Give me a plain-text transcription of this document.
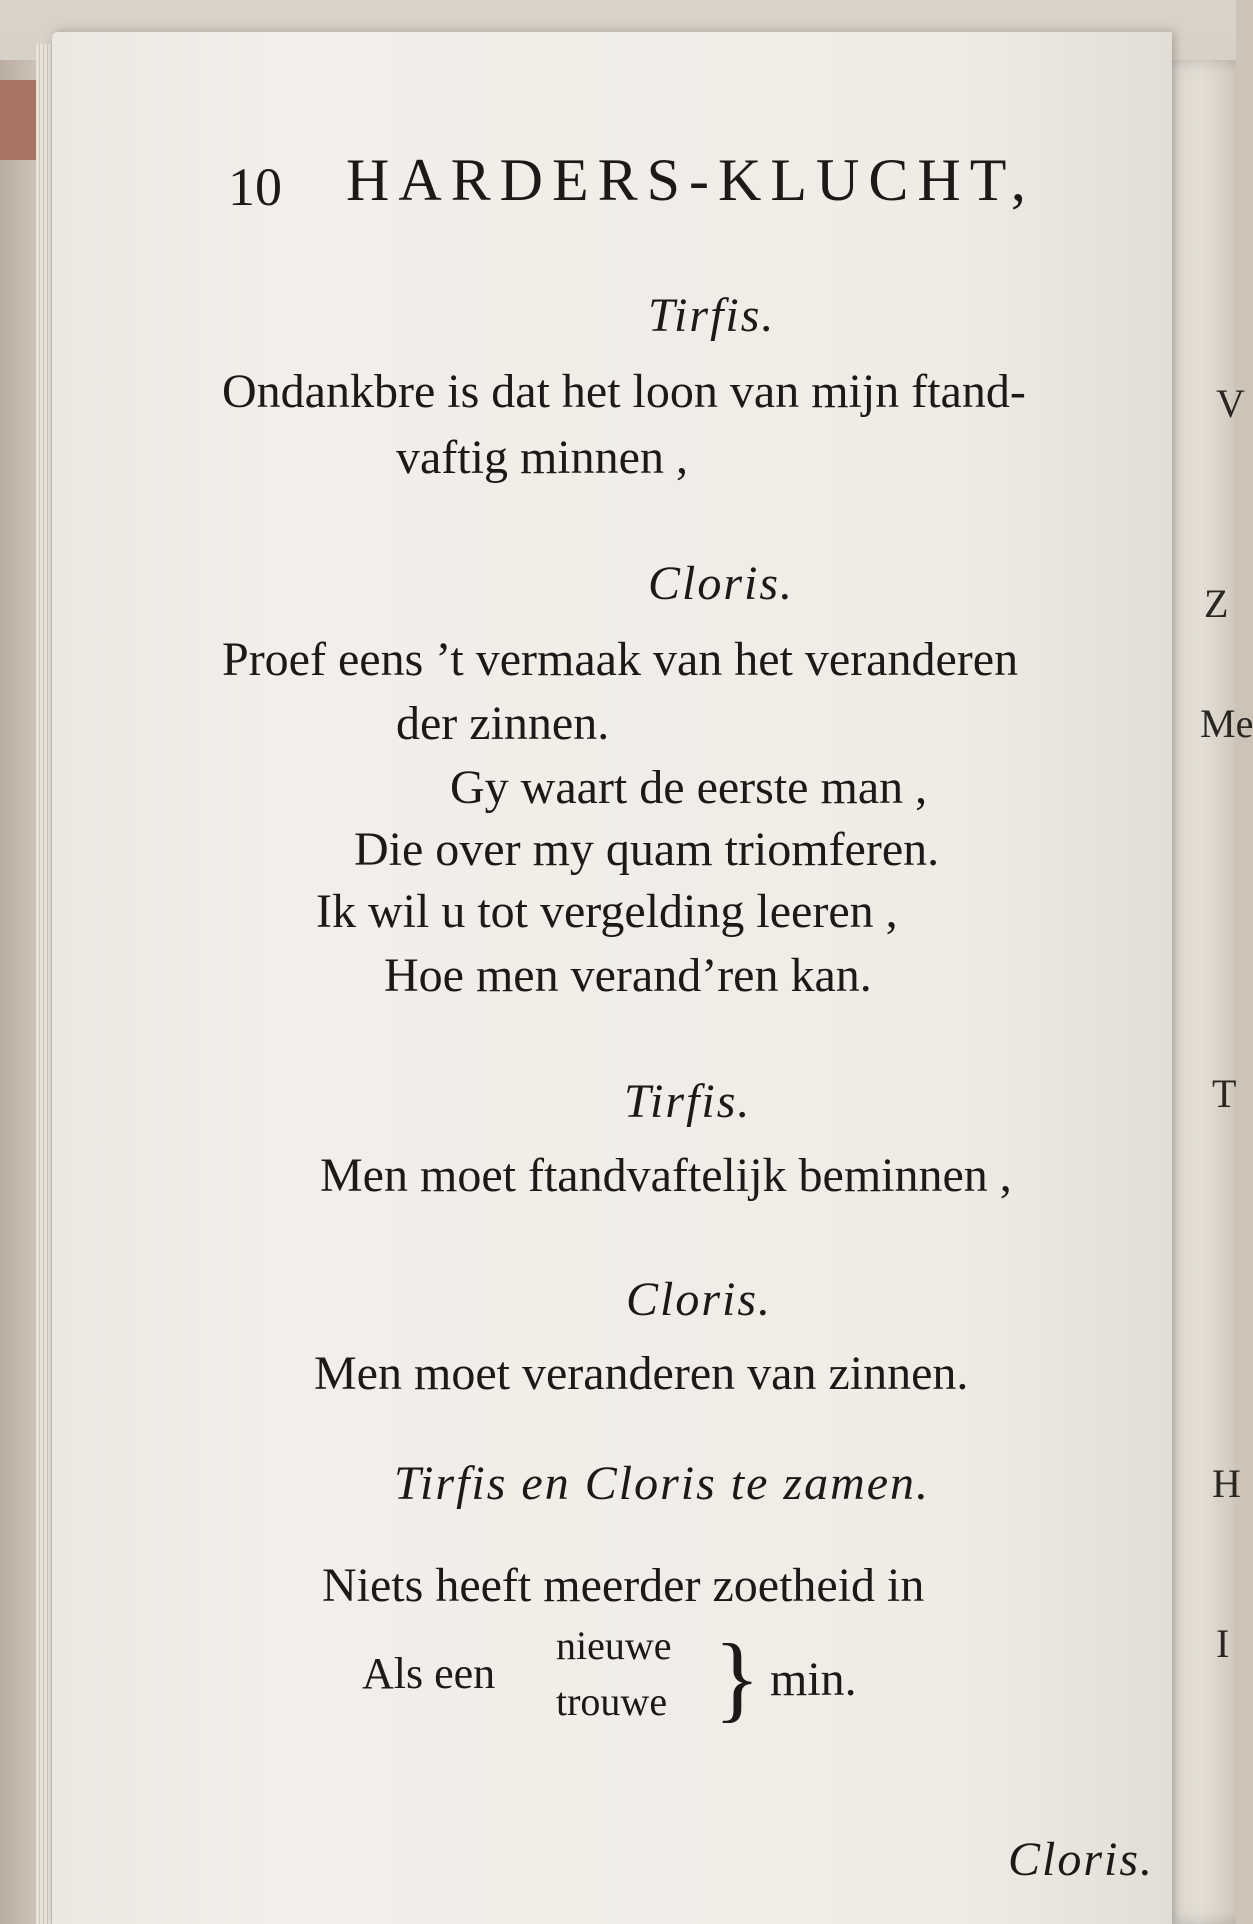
V
Z
Me
T
H
I
10 HARDERS-KLUCHT,
Tirfis.
Ondankbre is dat het loon van mijn ftand-
vaftig minnen ,
Cloris.
Proef eens ’t vermaak van het veranderen
der zinnen.
Gy waart de eerste man ,
Die over my quam triomferen.
Ik wil u tot vergelding leeren ,
Hoe men verand’ren kan.
Tirfis.
Men moet ftandvaftelijk beminnen ,
Cloris.
Men moet veranderen van zinnen.
Tirfis en Cloris te zamen.
Niets heeft meerder zoetheid in
Als een
nieuwe
trouwe } min.
Cloris.
